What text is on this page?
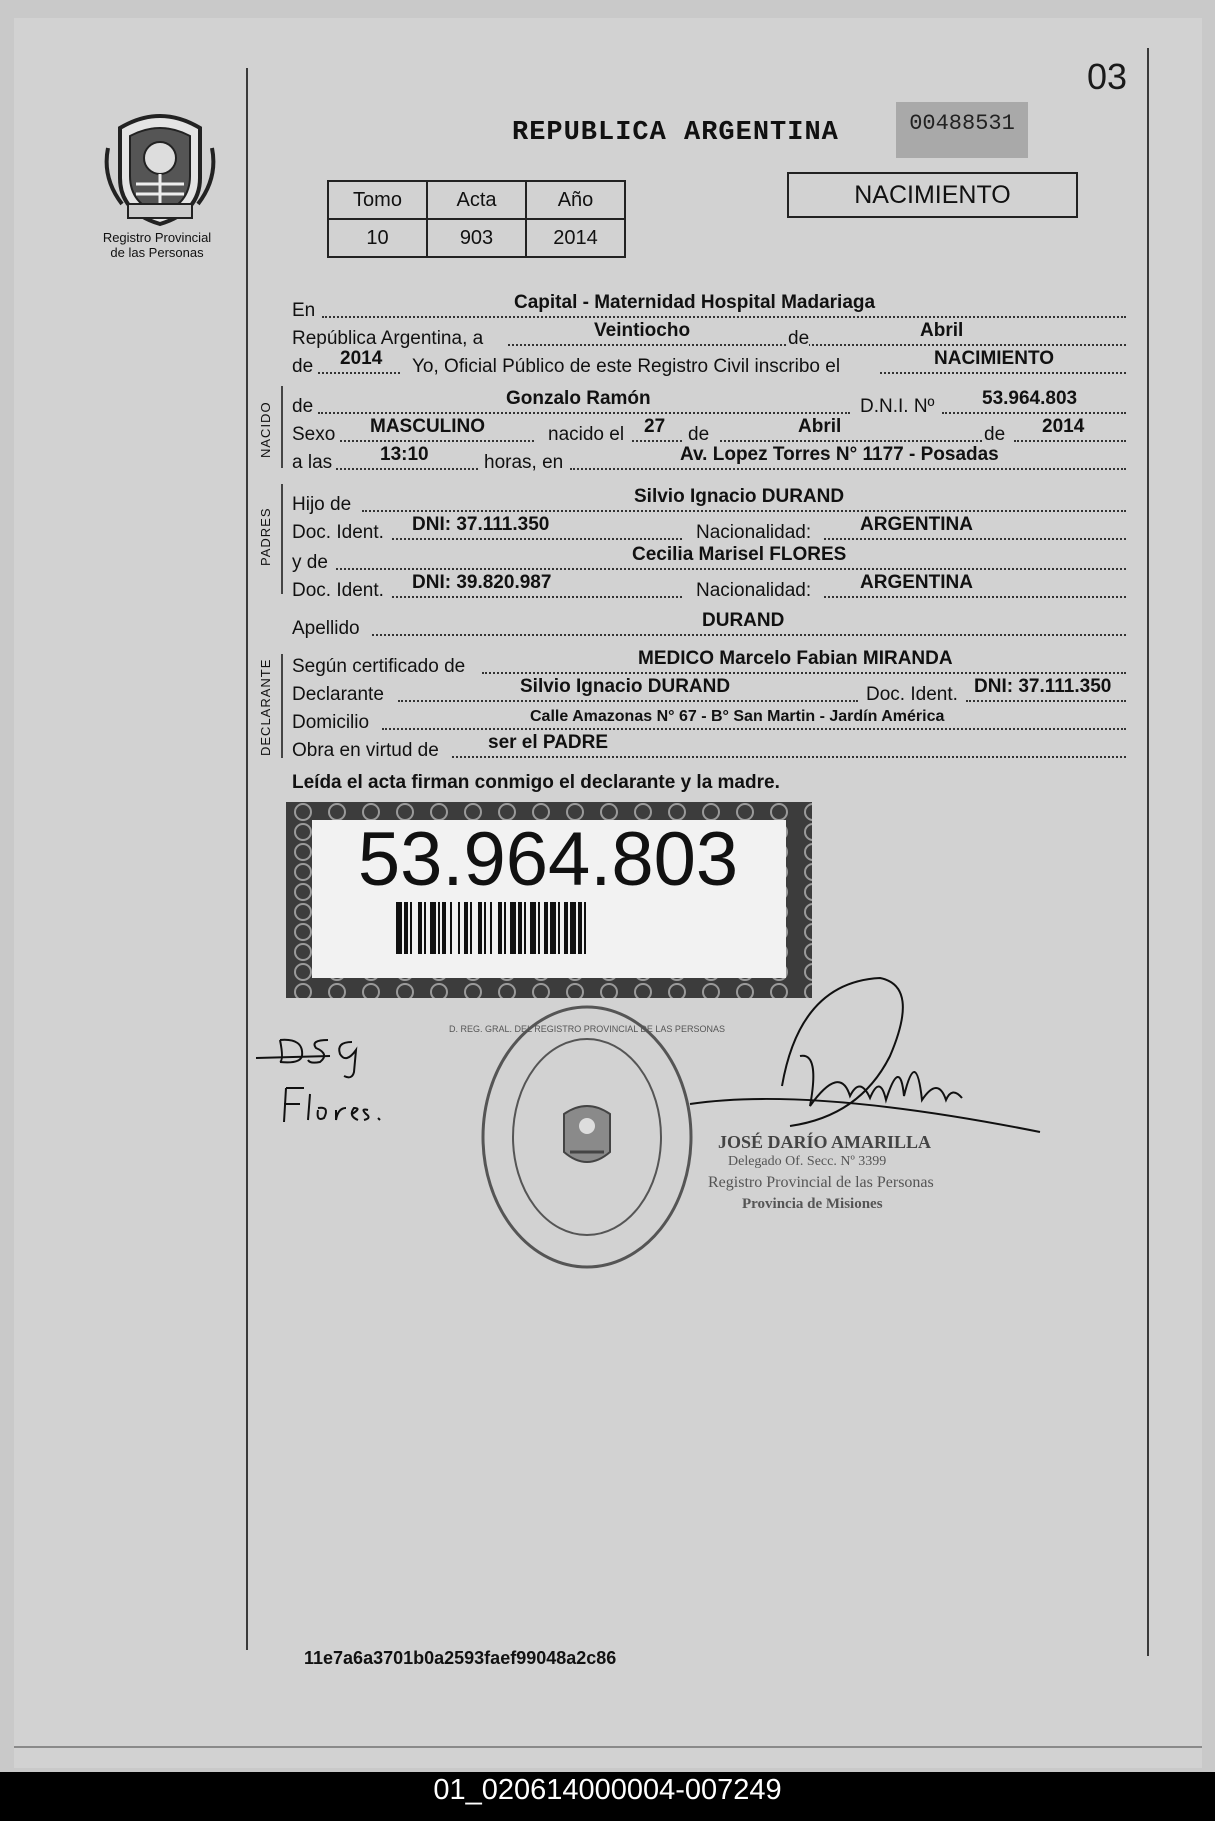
03
Registro Provincial
de las Personas
REPUBLICA ARGENTINA	00488531
Tomo	Acta	Año
10	903	2014
NACIMIENTO
NACIDO
PADRES
DECLARANTE
En	Capital - Maternidad Hospital Madariaga
República Argentina, a	Veintiocho	de	Abril
de 2014 Yo, Oficial Público de este Registro Civil inscribo el	NACIMIENTO
de	Gonzalo Ramón	D.N.I. Nº	53.964.803
Sexo MASCULINO	nacido el 27 de	Abril	de 2014
a las	13:10	horas, en	Av. Lopez Torres N° 1177 - Posadas
Hijo de	Silvio Ignacio DURAND
Doc. Ident. DNI: 37.111.350	Nacionalidad:	ARGENTINA
y de	Cecilia Marisel FLORES
Doc. Ident. DNI: 39.820.987	Nacionalidad:	ARGENTINA
Apellido	DURAND
Según certificado de	MEDICO Marcelo Fabian MIRANDA
Declarante	Silvio Ignacio DURAND	Doc. Ident. DNI: 37.111.350
Domicilio	Calle Amazonas N° 67 - B° San Martin - Jardín América
Obra en virtud de	ser el PADRE
Leída el acta firman conmigo el declarante y la madre.
53.964.803
D. REG. GRAL. DEL REGISTRO PROVINCIAL DE LAS PERSONAS
JOSÉ DARÍO AMARILLA
Delegado Of. Secc. Nº 3399
Registro Provincial de las Personas
Provincia de Misiones
11e7a6a3701b0a2593faef99048a2c86
01_020614000004-007249
